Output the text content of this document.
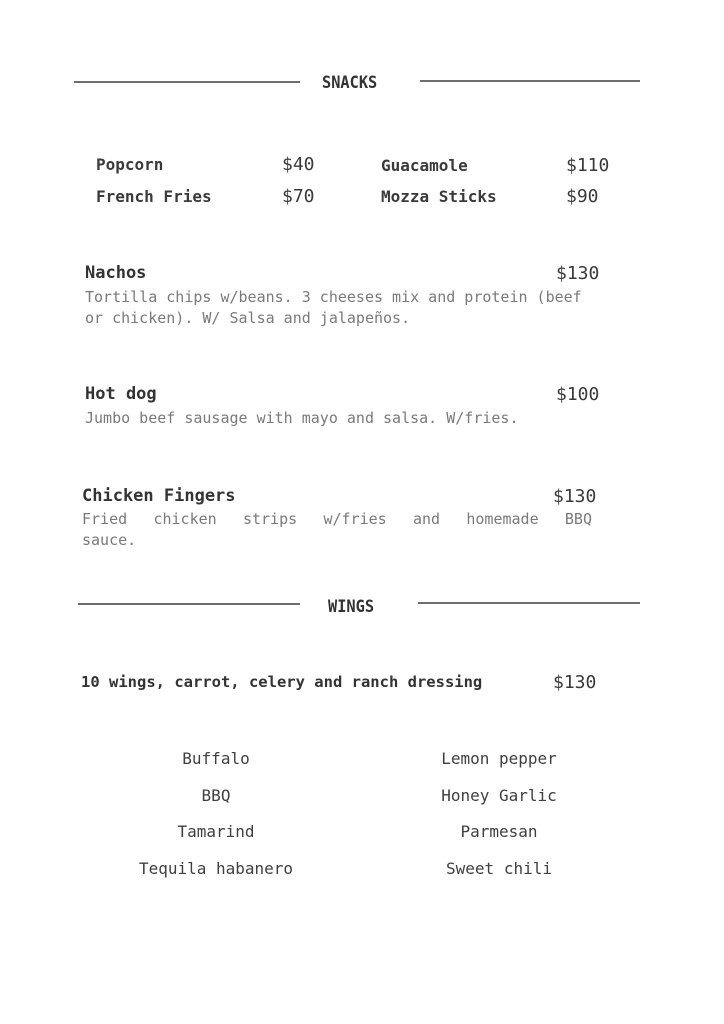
SNACKS
Popcorn	$40
French Fries	$70
Guacamole	$110
Mozza Sticks	$90
Nachos	$130
Tortilla chips w/beans. 3 cheeses mix and protein (beef or chicken). W/ Salsa and jalapeños.
Hot dog	$100
Jumbo beef sausage with mayo and salsa. W/fries.
Chicken Fingers	$130
Fried chicken strips w/fries and homemade BBQ sauce.
WINGS
10 wings, carrot, celery and ranch dressing	$130
Buffalo
BBQ
Tamarind
Tequila habanero
Lemon pepper
Honey Garlic
Parmesan
Sweet chili
